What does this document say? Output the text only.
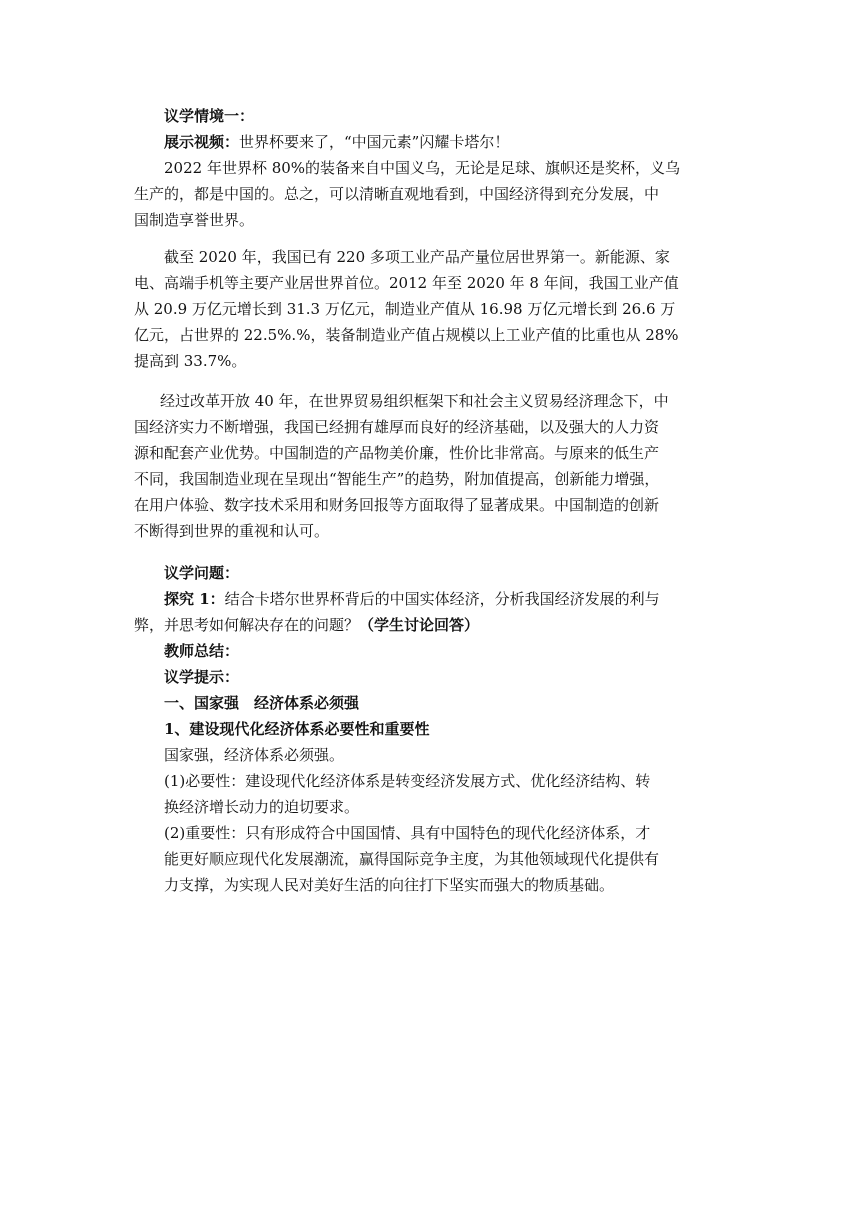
议学情境一：

展示视频：世界杯要来了，“中国元素”闪耀卡塔尔！

2022 年世界杯 80%的装备来自中国义乌，无论是足球、旗帜还是奖杯，义乌

生产的，都是中国的。总之，可以清晰直观地看到，中国经济得到充分发展，中

国制造享誉世界。

截至 2020 年，我国已有 220 多项工业产品产量位居世界第一。新能源、家

电、高端手机等主要产业居世界首位。2012 年至 2020 年 8 年间，我国工业产值

从 20.9 万亿元增长到 31.3 万亿元，制造业产值从 16.98 万亿元增长到 26.6 万

亿元，占世界的 22.5%.%，装备制造业产值占规模以上工业产值的比重也从 28%

提高到 33.7%。

经过改革开放 40 年，在世界贸易组织框架下和社会主义贸易经济理念下，中

国经济实力不断增强，我国已经拥有雄厚而良好的经济基础，以及强大的人力资

源和配套产业优势。中国制造的产品物美价廉，性价比非常高。与原来的低生产

不同，我国制造业现在呈现出“智能生产”的趋势，附加值提高，创新能力增强，

在用户体验、数字技术采用和财务回报等方面取得了显著成果。中国制造的创新

不断得到世界的重视和认可。

议学问题：

探究 1：结合卡塔尔世界杯背后的中国实体经济，分析我国经济发展的利与

弊，并思考如何解决存在的问题？（学生讨论回答）

教师总结：

议学提示：

一、国家强　经济体系必须强

1、建设现代化经济体系必要性和重要性

国家强，经济体系必须强。

(1)必要性：建设现代化经济体系是转变经济发展方式、优化经济结构、转

换经济增长动力的迫切要求。

(2)重要性：只有形成符合中国国情、具有中国特色的现代化经济体系，才

能更好顺应现代化发展潮流，赢得国际竞争主度，为其他领域现代化提供有

力支撑，为实现人民对美好生活的向往打下坚实而强大的物质基础。
